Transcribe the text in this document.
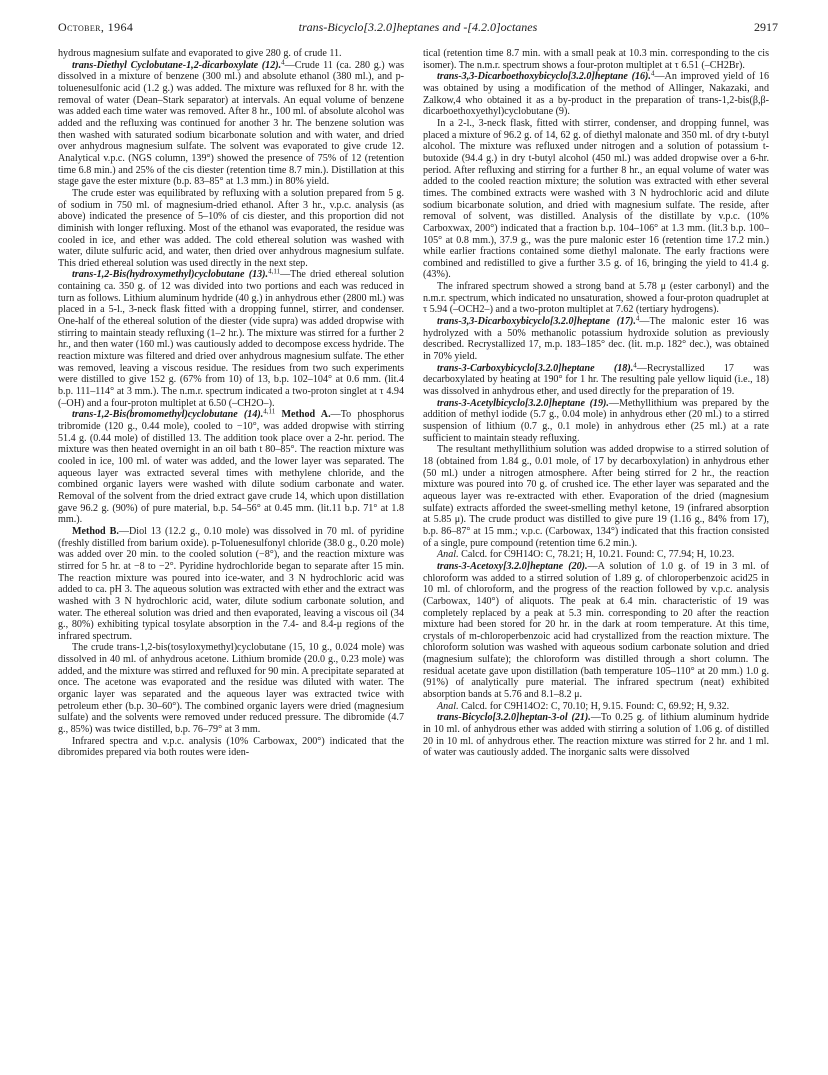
October, 1964	trans-Bicyclo[3.2.0]heptanes and -[4.2.0]octanes	2917

hydrous magnesium sulfate and evaporated to give 280 g. of crude 11.

trans-Diethyl Cyclobutane-1,2-dicarboxylate (12).$^4$—Crude 11 (ca. 280 g.) was dissolved in a mixture of benzene (300 ml.) and absolute ethanol (380 ml.), and p-toluenesulfonic acid (1.2 g.) was added. The mixture was refluxed for 8 hr. with the removal of water (Dean–Stark separator) at intervals. An equal volume of benzene was added each time water was removed. After 8 hr., 100 ml. of absolute alcohol was added and the refluxing was continued for another 3 hr. The benzene solution was then washed with saturated sodium bicarbonate solution and with water, and dried over anhydrous magnesium sulfate. The solvent was evaporated to give crude 12. Analytical v.p.c. (NGS column, 139°) showed the presence of 75% of 12 (retention time 6.8 min.) and 25% of the cis diester (retention time 8.7 min.). Distillation at this stage gave the ester mixture (b.p. 83–85° at 1.3 mm.) in 80% yield.

The crude ester was equilibrated by refluxing with a solution prepared from 5 g. of sodium in 750 ml. of magnesium-dried ethanol. After 3 hr., v.p.c. analysis (as above) indicated the presence of 5–10% of cis diester, and this proportion did not diminish with longer refluxing. Most of the ethanol was evaporated, the residue was cooled in ice, and ether was added. The cold ethereal solution was washed with water, dilute sulfuric acid, and water, then dried over anhydrous magnesium sulfate. This dried ethereal solution was used directly in the next step.

trans-1,2-Bis(hydroxymethyl)cyclobutane (13).$^{4,11}$—The dried ethereal solution containing ca. 350 g. of 12 was divided into two portions and each was reduced in turn as follows. Lithium aluminum hydride (40 g.) in anhydrous ether (2800 ml.) was placed in a 5-l., 3-neck flask fitted with a dropping funnel, stirrer, and condenser. One-half of the ethereal solution of the diester (vide supra) was added dropwise with stirring to maintain steady refluxing (1–2 hr.). The mixture was stirred for a further 2 hr., and then water (160 ml.) was cautiously added to decompose excess hydride. The reaction mixture was filtered and dried over anhydrous magnesium sulfate. The ether was removed, leaving a viscous residue. The residues from two such experiments were distilled to give 152 g. (67% from 10) of 13, b.p. 102–104° at 0.6 mm. (lit.4 b.p. 111–114° at 3 mm.). The n.m.r. spectrum indicated a two-proton singlet at τ 4.94 (–OH) and a four-proton multiplet at 6.50 (–CH2O–).

trans-1,2-Bis(bromomethyl)cyclobutane (14).$^{4,11}$ Method A.—To phosphorus tribromide (120 g., 0.44 mole), cooled to −10°, was added dropwise with stirring 51.4 g. (0.44 mole) of distilled 13. The addition took place over a 2-hr. period. The mixture was then heated overnight in an oil bath t 80–85°. The reaction mixture was cooled in ice, 100 ml. of water was added, and the lower layer was separated. The aqueous layer was extracted several times with methylene chloride, and the combined organic layers were washed with dilute sodium carbonate and water. Removal of the solvent from the dried extract gave crude 14, which upon distillation gave 96.2 g. (90%) of pure material, b.p. 54–56° at 0.45 mm. (lit.11 b.p. 71° at 1.8 mm.).

Method B.—Diol 13 (12.2 g., 0.10 mole) was dissolved in 70 ml. of pyridine (freshly distilled from barium oxide). p-Toluenesulfonyl chloride (38.0 g., 0.20 mole) was added over 20 min. to the cooled solution (−8°), and the reaction mixture was stirred for 5 hr. at −8 to −2°. Pyridine hydrochloride began to separate after 15 min. The reaction mixture was poured into ice-water, and 3 N hydrochloric acid was added to ca. pH 3. The aqueous solution was extracted with ether and the extract was washed with 3 N hydrochloric acid, water, dilute sodium carbonate solution, and water. The ethereal solution was dried and then evaporated, leaving a viscous oil (34 g., 80%) exhibiting typical tosylate absorption in the 7.4- and 8.4-μ regions of the infrared spectrum.

The crude trans-1,2-bis(tosyloxymethyl)cyclobutane (15, 10 g., 0.024 mole) was dissolved in 40 ml. of anhydrous acetone. Lithium bromide (20.0 g., 0.23 mole) was added, and the mixture was stirred and refluxed for 90 min. A precipitate separated at once. The acetone was evaporated and the residue was diluted with water. The organic layer was separated and the aqueous layer was extracted twice with petroleum ether (b.p. 30–60°). The combined organic layers were dried (magnesium sulfate) and the solvents were removed under reduced pressure. The dibromide (4.7 g., 85%) was twice distilled, b.p. 76–79° at 3 mm.

Infrared spectra and v.p.c. analysis (10% Carbowax, 200°) indicated that the dibromides prepared via both routes were iden-

tical (retention time 8.7 min. with a small peak at 10.3 min. corresponding to the cis isomer). The n.m.r. spectrum shows a four-proton multiplet at τ 6.51 (–CH2Br).

trans-3,3-Dicarboethoxybicyclo[3.2.0]heptane (16).$^4$—An improved yield of 16 was obtained by using a modification of the method of Allinger, Nakazaki, and Zalkow,4 who obtained it as a by-product in the preparation of trans-1,2-bis(β,β-dicarboethoxyethyl)cyclobutane (9).

In a 2-l., 3-neck flask, fitted with stirrer, condenser, and dropping funnel, was placed a mixture of 96.2 g. of 14, 62 g. of diethyl malonate and 350 ml. of dry t-butyl alcohol. The mixture was refluxed under nitrogen and a solution of potassium t-butoxide (94.4 g.) in dry t-butyl alcohol (450 ml.) was added dropwise over a 6-hr. period. After refluxing and stirring for a further 8 hr., an equal volume of water was added to the cooled reaction mixture; the solution was extracted with ether several times. The combined extracts were washed with 3 N hydrochloric acid and dilute sodium bicarbonate solution, and dried with magnesium sulfate. The reside, after removal of solvent, was distilled. Analysis of the distillate by v.p.c. (10% Carboxwax, 200°) indicated that a fraction b.p. 104–106° at 1.3 mm. (lit.3 b.p. 100–105° at 0.8 mm.), 37.9 g., was the pure malonic ester 16 (retention time 17.2 min.) while earlier fractions contained some diethyl malonate. The early fractions were combined and redistilled to give a further 3.5 g. of 16, bringing the yield to 41.4 g. (43%).

The infrared spectrum showed a strong band at 5.78 μ (ester carbonyl) and the n.m.r. spectrum, which indicated no unsaturation, showed a four-proton quadruplet at τ 5.94 (–OCH2–) and a two-proton multiplet at 7.62 (tertiary hydrogens).

trans-3,3-Dicarboxybicyclo[3.2.0]heptane (17).$^4$—The malonic ester 16 was hydrolyzed with a 50% methanolic potassium hydroxide solution as previously described. Recrystallized 17, m.p. 183–185° dec. (lit. m.p. 182° dec.), was obtained in 70% yield.

trans-3-Carboxybicyclo[3.2.0]heptane (18).$^4$—Recrystallized 17 was decarboxylated by heating at 190° for 1 hr. The resulting pale yellow liquid (i.e., 18) was dissolved in anhydrous ether, and used directly for the preparation of 19.

trans-3-Acetylbicyclo[3.2.0]heptane (19).—Methyllithium was prepared by the addition of methyl iodide (5.7 g., 0.04 mole) in anhydrous ether (20 ml.) to a stirred suspension of lithium (0.7 g., 0.1 mole) in anhydrous ether (25 ml.) at a rate sufficient to maintain steady refluxing.

The resultant methyllithium solution was added dropwise to a stirred solution of 18 (obtained from 1.84 g., 0.01 mole, of 17 by decarboxylation) in anhydrous ether (50 ml.) under a nitrogen atmosphere. After being stirred for 2 hr., the reaction mixture was poured into 70 g. of crushed ice. The ether layer was separated and the aqueous layer was re-extracted with ether. Evaporation of the dried (magnesium sulfate) extracts afforded the sweet-smelling methyl ketone, 19 (infrared absorption at 5.85 μ). The crude product was distilled to give pure 19 (1.16 g., 84% from 17), b.p. 86–87° at 15 mm.; v.p.c. (Carbowax, 134°) indicated that this fraction consisted of a single, pure compound (retention time 6.2 min.).

Anal. Calcd. for C9H14O: C, 78.21; H, 10.21. Found: C, 77.94; H, 10.23.

trans-3-Acetoxy[3.2.0]heptane (20).—A solution of 1.0 g. of 19 in 3 ml. of chloroform was added to a stirred solution of 1.89 g. of chloroperbenzoic acid25 in 10 ml. of chloroform, and the progress of the reaction followed by v.p.c. analysis (Carbowax, 140°) of aliquots. The peak at 6.4 min. characteristic of 19 was completely replaced by a peak at 5.3 min. corresponding to 20 after the reaction mixture had been stored for 20 hr. in the dark at room temperature. At this time, crystals of m-chloroperbenzoic acid had crystallized from the reaction mixture. The chloroform solution was washed with aqueous sodium carbonate solution and dried (magnesium sulfate); the chloroform was distilled through a short column. The residual acetate gave upon distillation (bath temperature 105–110° at 20 mm.) 1.0 g. (91%) of analytically pure material. The infrared spectrum (neat) exhibited absorption bands at 5.76 and 8.1–8.2 μ.

Anal. Calcd. for C9H14O2: C, 70.10; H, 9.15. Found: C, 69.92; H, 9.32.

trans-Bicyclo[3.2.0]heptan-3-ol (21).—To 0.25 g. of lithium aluminum hydride in 10 ml. of anhydrous ether was added with stirring a solution of 1.06 g. of distilled 20 in 10 ml. of anhydrous ether. The reaction mixture was stirred for 2 hr. and 1 ml. of water was cautiously added. The inorganic salts were dissolved
